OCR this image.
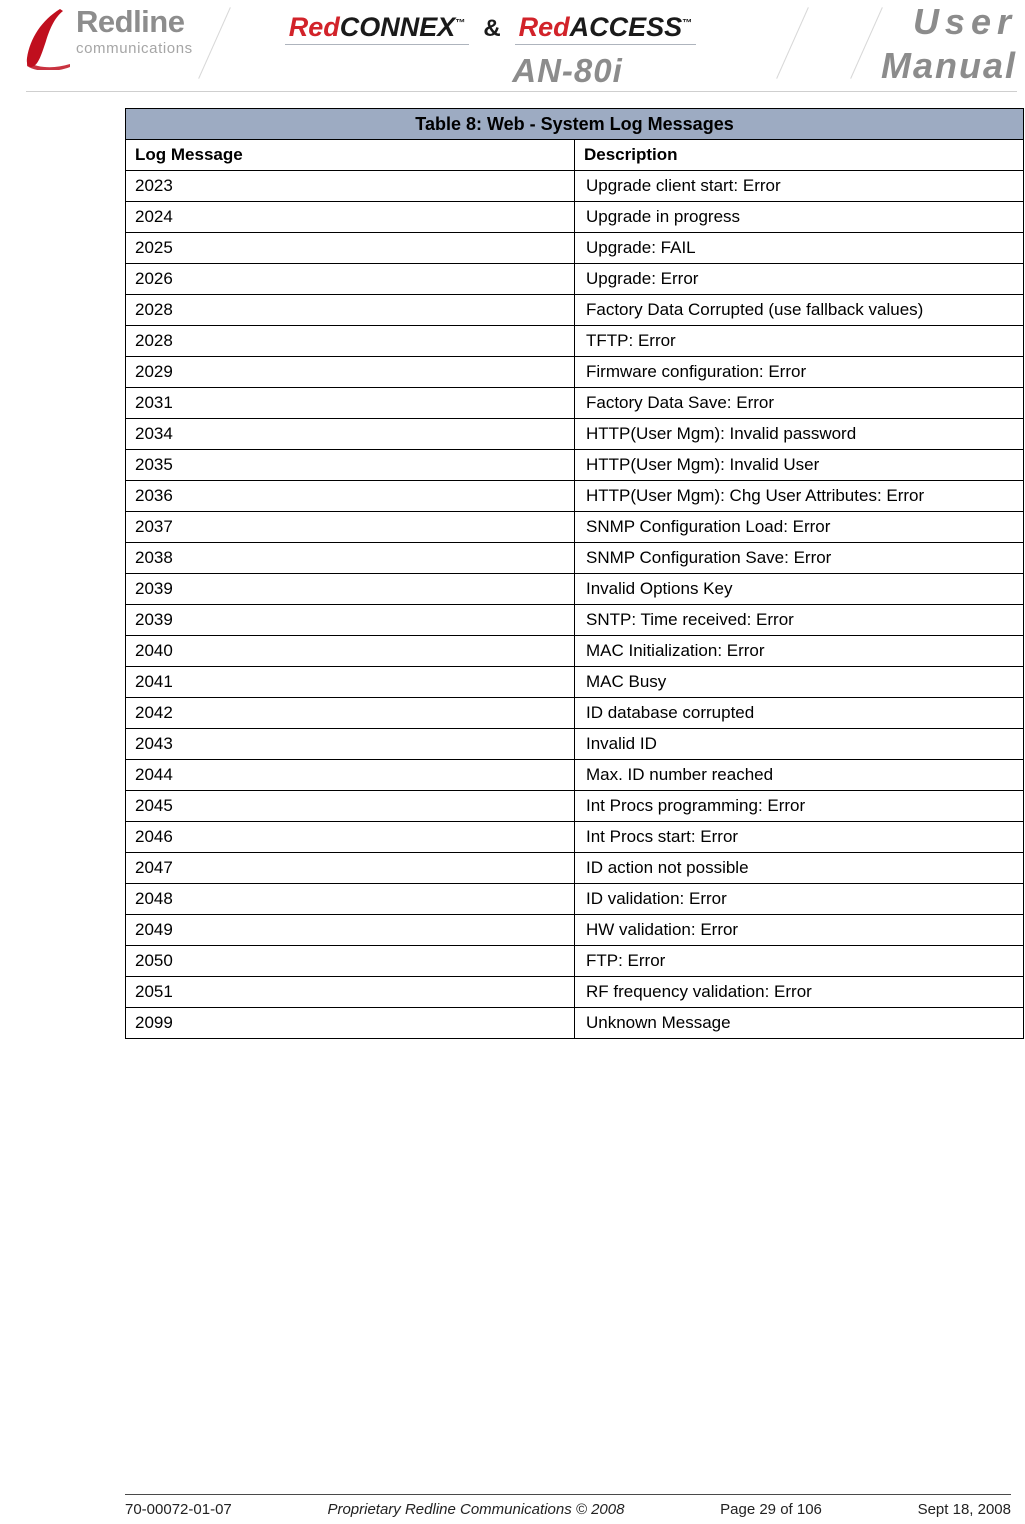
Redline
communications
RedCONNEX™ & RedACCESS™
AN-80i
User
Manual
Table 8: Web - System Log Messages	
Log Message	Description
2023	Upgrade client start: Error
2024	Upgrade in progress
2025	Upgrade: FAIL
2026	Upgrade: Error
2028	Factory Data Corrupted (use fallback values)
2028	TFTP: Error
2029	Firmware configuration: Error
2031	Factory Data Save: Error
2034	HTTP(User Mgm): Invalid password
2035	HTTP(User Mgm): Invalid User
2036	HTTP(User Mgm): Chg User Attributes: Error
2037	SNMP Configuration Load: Error
2038	SNMP Configuration Save: Error
2039	Invalid Options Key
2039	SNTP: Time received: Error
2040	MAC Initialization: Error
2041	MAC Busy
2042	ID database corrupted
2043	Invalid ID
2044	Max. ID number reached
2045	Int Procs programming: Error
2046	Int Procs start: Error
2047	ID action not possible
2048	ID validation: Error
2049	HW validation: Error
2050	FTP: Error
2051	RF frequency validation: Error
2099	Unknown Message
70-00072-01-07	Proprietary Redline Communications © 2008	Page 29 of 106	Sept 18, 2008
